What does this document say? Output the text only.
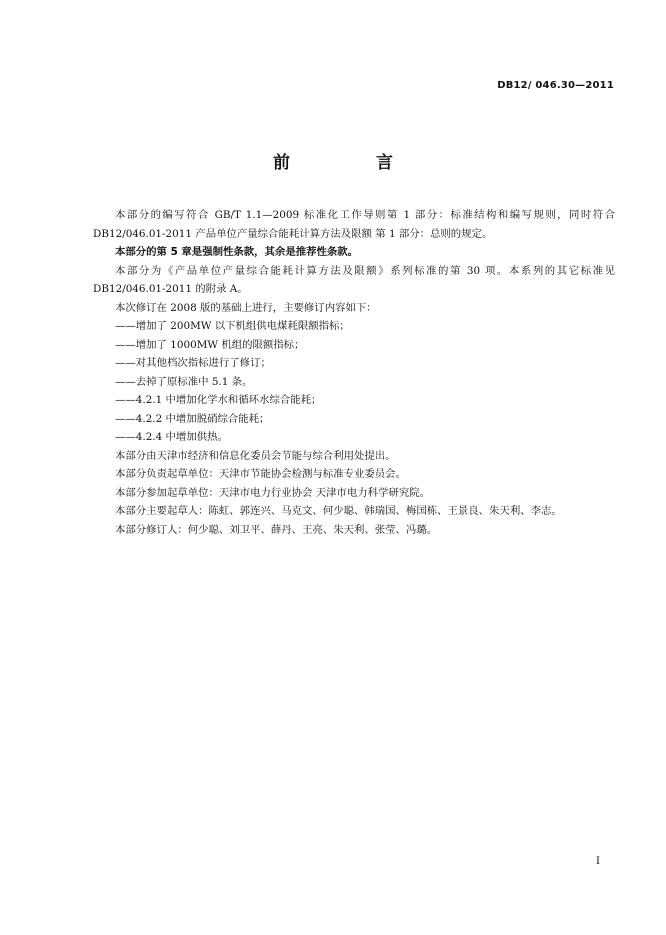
DB12/ 046.30—2011
前 言

本部分的编写符合 GB/T 1.1—2009 标准化工作导则第 1 部分：标准结构和编写规则，同时符合DB12/046.01-2011 产品单位产量综合能耗计算方法及限额 第 1 部分：总则的规定。

本部分的第 5 章是强制性条款，其余是推荐性条款。

本部分为《产品单位产量综合能耗计算方法及限额》系列标准的第 30 项。本系列的其它标准见DB12/046.01-2011 的附录 A。

本次修订在 2008 版的基础上进行，主要修订内容如下：

——增加了 200MW 以下机组供电煤耗限额指标；

——增加了 1000MW 机组的限额指标；

——对其他档次指标进行了修订；

——去掉了原标准中 5.1 条。

——4.2.1 中增加化学水和循环水综合能耗；

——4.2.2 中增加脱硝综合能耗；

——4.2.4 中增加供热。

本部分由天津市经济和信息化委员会节能与综合利用处提出。

本部分负责起草单位：天津市节能协会检测与标准专业委员会。

本部分参加起草单位：天津市电力行业协会 天津市电力科学研究院。

本部分主要起草人：陈虹、郭连兴、马克文、何少聪、韩瑞国、梅国栋、王景良、朱天利、李志。

本部分修订人：何少聪、刘卫平、薛丹、王亮、朱天利、张莹、冯璐。

I
